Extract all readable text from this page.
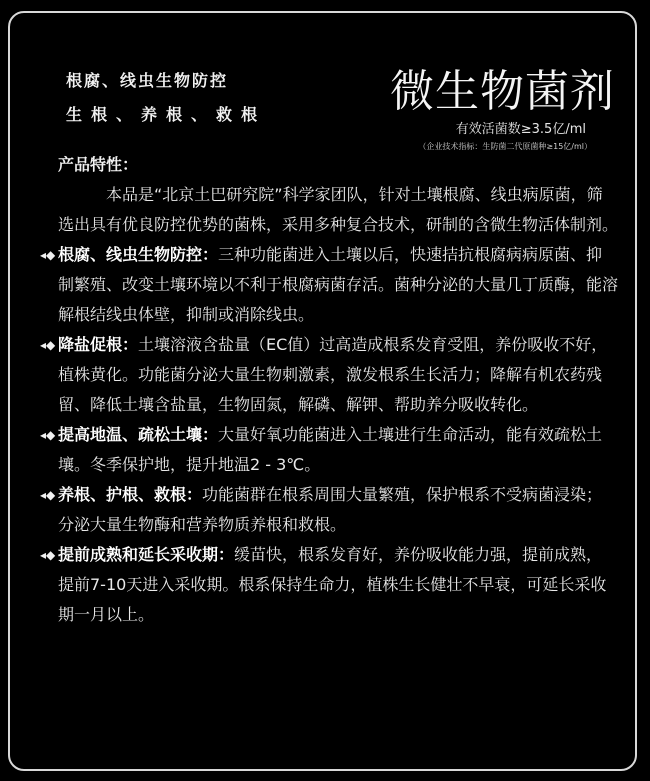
根腐、线虫生物防控
生根、养根、救根	微生物菌剂
有效活菌数≥3.5亿/ml
（企业技术指标：生防菌二代原菌种≥15亿/ml）
产品特性：
本品是“北京土巴研究院”科学家团队，针对土壤根腐、线虫病原菌，筛选出具有优良防控优势的菌株，采用多种复合技术，研制的含微生物活体制剂。
◂◆ 根腐、线虫生物防控：三种功能菌进入土壤以后，快速拮抗根腐病病原菌、抑制繁殖、改变土壤环境以不利于根腐病菌存活。菌种分泌的大量几丁质酶，能溶解根结线虫体壁，抑制或消除线虫。
◂◆ 降盐促根：土壤溶液含盐量（EC值）过高造成根系发育受阻，养份吸收不好，植株黄化。功能菌分泌大量生物刺激素，激发根系生长活力；降解有机农药残留、降低土壤含盐量，生物固氮，解磷、解钾、帮助养分吸收转化。
◂◆ 提高地温、疏松土壤：大量好氧功能菌进入土壤进行生命活动，能有效疏松土壤。冬季保护地，提升地温2 - 3℃。
◂◆ 养根、护根、救根：功能菌群在根系周围大量繁殖，保护根系不受病菌浸染；分泌大量生物酶和营养物质养根和救根。
◂◆ 提前成熟和延长采收期：缓苗快，根系发育好，养份吸收能力强，提前成熟，提前7-10天进入采收期。根系保持生命力，植株生长健壮不早衰，可延长采收期一月以上。
